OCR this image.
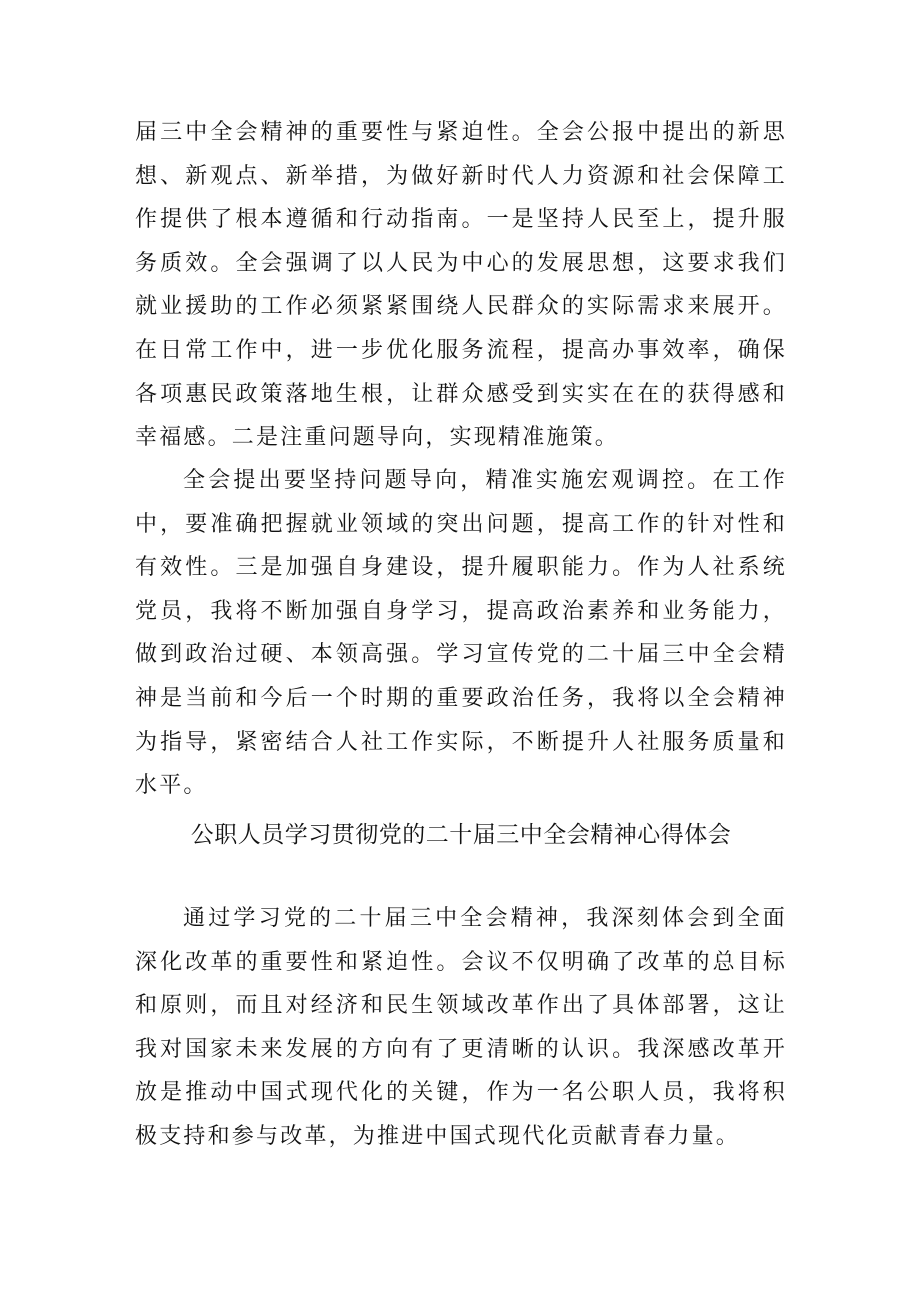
届三中全会精神的重要性与紧迫性。全会公报中提出的新思想、新观点、新举措，为做好新时代人力资源和社会保障工作提供了根本遵循和行动指南。一是坚持人民至上，提升服务质效。全会强调了以人民为中心的发展思想，这要求我们就业援助的工作必须紧紧围绕人民群众的实际需求来展开。在日常工作中，进一步优化服务流程，提高办事效率，确保各项惠民政策落地生根，让群众感受到实实在在的获得感和幸福感。二是注重问题导向，实现精准施策。

全会提出要坚持问题导向，精准实施宏观调控。在工作中，要准确把握就业领域的突出问题，提高工作的针对性和有效性。三是加强自身建设，提升履职能力。作为人社系统党员，我将不断加强自身学习，提高政治素养和业务能力，做到政治过硬、本领高强。学习宣传党的二十届三中全会精神是当前和今后一个时期的重要政治任务，我将以全会精神为指导，紧密结合人社工作实际，不断提升人社服务质量和水平。

公职人员学习贯彻党的二十届三中全会精神心得体会

通过学习党的二十届三中全会精神，我深刻体会到全面深化改革的重要性和紧迫性。会议不仅明确了改革的总目标和原则，而且对经济和民生领域改革作出了具体部署，这让我对国家未来发展的方向有了更清晰的认识。我深感改革开放是推动中国式现代化的关键，作为一名公职人员，我将积极支持和参与改革，为推进中国式现代化贡献青春力量。
